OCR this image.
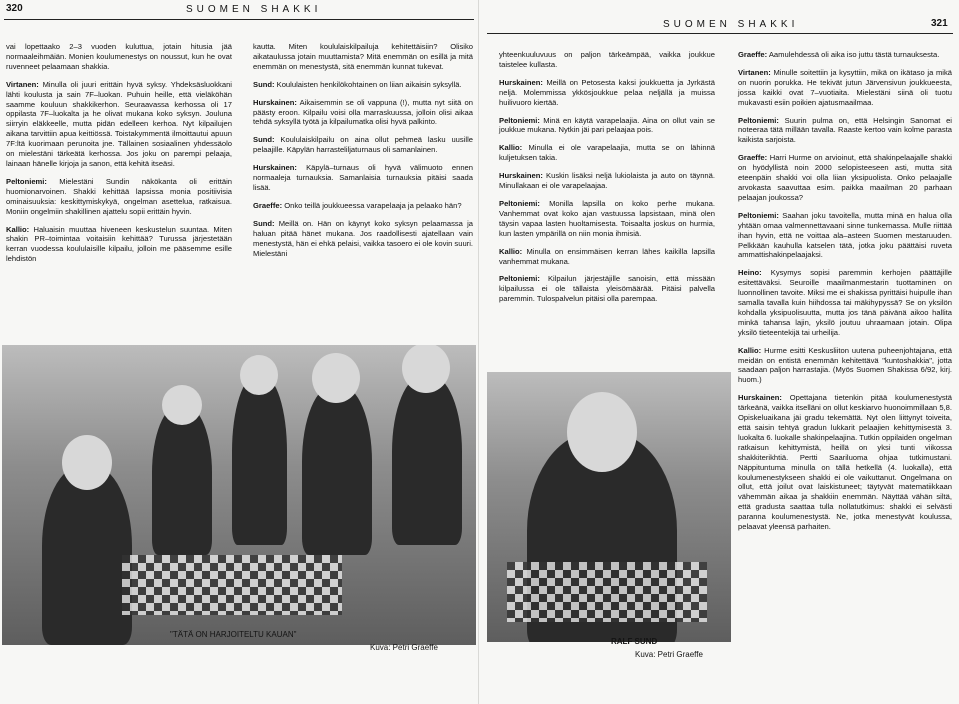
320	SUOMEN SHAKKI

vai lopettaako 2–3 vuoden kuluttua, jotain hitusia jää normaaleihmäiän. Monien koulumenestys on noussut, kun he ovat ruvenneet pelaamaan shakkia.

Virtanen: Minulla oli juuri erittäin hyvä syksy. Yhdeksäsluokkani lähti koulusta ja sain 7F–luokan. Puhuin heille, että vieläköhän saamme kouluun shakkikerhon. Seuraavassa kerhossa oli 17 oppilasta 7F–luokalta ja he olivat mukana koko syksyn. Jouluna siirryin eläkkeelle, mutta pidän edelleen kerhoa. Nyt kilpailujen aikana tarvittiin apua keittiössä. Toistakymmentä ilmoittautui apuun 7F:ltä kuorimaan perunoita jne. Tällainen sosiaalinen yhdessäolo on mielestäni tärkeätä kerhossa. Jos joku on parempi pelaaja, lainaan hänelle kirjoja ja sanon, että kehitä itseäsi.

Peltoniemi: Mielestäni Sundin näkökanta oli erittäin huomionarvoinen. Shakki kehittää lapsissa monia positiivisia ominaisuuksia: keskittymiskykyä, ongelman asettelua, ratkaisua. Moniin ongelmiin shakillinen ajattelu sopii erittäin hyvin.

Kallio: Haluaisin muuttaa hiveneen keskustelun suuntaa. Miten shakin PR–toimintaa voitaisiin kehittää? Turussa järjestetään kerran vuodessa koululaisille kilpailu, jolloin me pääsemme esille lehdistön

kautta. Miten koululaiskilpailuja kehitettäisiin? Olisiko aikataulussa jotain muuttamista? Mitä enemmän on esillä ja mitä enemmän on menestystä, sitä enemmän kunnat tukevat.

Sund: Koululaisten henkilökohtainen on liian aikaisin syksyllä.

Hurskainen: Aikaisemmin se oli vappuna (!), mutta nyt siitä on päästy eroon. Kilpailu voisi olla marraskuussa, jolloin olisi aikaa tehdä syksyllä työtä ja kilpailumatka olisi hyvä palkinto.

Sund: Koululaiskilpailu on aina ollut pehmeä lasku uusille pelaajille. Käpylän harrasteliljaturnaus oli samanlainen.

Hurskainen: Käpylä–turnaus oli hyvä välimuoto ennen normaaleja turnauksia. Samanlaisia turnauksia pitäisi saada lisää.

Graeffe: Onko teillä joukkueessa varapelaaja ja pelaako hän?

Sund: Meillä on. Hän on käynyt koko syksyn pelaamassa ja haluan pitää hänet mukana. Jos raadollisesti ajatellaan vain menestystä, hän ei ehkä pelaisi, vaikka tasoero ei ole kovin suuri. Mielestäni

"TÄTÄ ON HARJOITELTU KAUAN"
Kuva: Petri Graeffe
SUOMEN SHAKKI	321

yhteenkuuluvuus on paljon tärkeämpää, vaikka joukkue taistelee kullasta.

Hurskainen: Meillä on Petosesta kaksi joukkuetta ja Jyrkästä neljä. Molemmissa ykkösjoukkue pelaa neljällä ja muissa huilivuoro kiertää.

Peltoniemi: Minä en käytä varapelaajia. Aina on ollut vain se joukkue mukana. Nytkin jäi pari pelaajaa pois.

Kallio: Minulla ei ole varapelaajia, mutta se on lähinnä kuljetuksen takia.

Hurskainen: Kuskin lisäksi neljä lukiolaista ja auto on täynnä. Minullakaan ei ole varapelaajaa.

Peltoniemi: Monilla lapsilla on koko perhe mukana. Vanhemmat ovat koko ajan vastuussa lapsistaan, minä olen täysin vapaa lasten huoltamisesta. Toisaalta joskus on hurmia, kun lasten ympärillä on niin monia ihmisiä.

Kallio: Minulla on ensimmäisen kerran lähes kaikilla lapsilla vanhemmat mukana.

Peltoniemi: Kilpailun järjestäjille sanoisin, että missään kilpailussa ei ole tällaista yleisömäärää. Pitäisi palvella paremmin. Tulospalvelun pitäisi olla parempaa.

Graeffe: Aamulehdessä oli aika iso juttu tästä turnauksesta.

Virtanen: Minulle soitettiin ja kysyttiin, mikä on ikätaso ja mikä on nuorin porukka. He tekivät jutun Järvensivun joukkueesta, jossa kaikki ovat 7–vuotiaita. Mielestäni siinä oli tuotu mukavasti esiin poikien ajatusmaailmaa.

Peltoniemi: Suurin pulma on, että Helsingin Sanomat ei noteeraa tätä millään tavalla. Raaste kertoo vain kolme parasta kaikista sarjoista.

Graeffe: Harri Hurme on arvioinut, että shakinpelaajalle shakki on hyödyllistä noin 2000 selopisteeseen asti, mutta sitä eteenpäin shakki voi olla liian yksipuolista. Onko pelaajalle arvokasta saavuttaa esim. paikka maailman 20 parhaan pelaajan joukossa?

Peltoniemi: Saahan joku tavoitella, mutta minä en halua olla yhtään omaa valmennettavaani sinne tunkemassa. Mulle riittää ihan hyvin, että ne voittaa ala–asteen Suomen mestaruuden. Pelkkään kauhulla katselen tätä, jotka joku päättäisi ruveta ammattishakinpelaajaksi.

Heino: Kysymys sopisi paremmin kerhojen päättäjille esitettäväksi. Seuroille maailmanmestarin tuottaminen on luonnollinen tavoite. Miksi me ei shakissa pyrittäisi huipulle ihan samalla tavalla kuin hiihdossa tai mäkihypyssä? Se on yksilön kohdalla yksipuolisuutta, mutta jos tänä päivänä aikoo hallita minkä tahansa lajin, yksilö joutuu uhraamaan jotain. Olipa yksilö tieteentekijä tai urheilija.

Kallio: Hurme esitti Keskusliiton uutena puheenjohtajana, että meidän on entistä enemmän kehitettävä "kuntoshakkia", jotta saadaan paljon harrastajia. (Myös Suomen Shakissa 6/92, kirj. huom.)

Hurskainen: Opettajana tietenkin pitää koulumenestystä tärkeänä, vaikka itselläni on ollut keskiarvo huonoimmillaan 5,8. Opiskeluaikana jäi gradu tekemättä. Nyt olen liittynyt toiveita, että saisin tehtyä gradun lukkarit pelaajien kehittymisestä 3. luokalta 6. luokalle shakinpelaajina. Tutkin oppilaiden ongelman ratkaisun kehittymistä, heillä on yksi tunti viikossa shakkiterikhtiä. Pertti Saariluoma ohjaa tutkimustani. Näppituntuma minulla on tällä hetkellä (4. luokalla), että koulumenestykseen shakki ei ole vaikuttanut. Ongelmana on ollut, että joilut ovat laiskistuneet; täytyvät matematiikkaan vähemmän aikaa ja shakkiin enemmän. Näyttää vähän siltä, että gradusta saattaa tulla nollatutkimus: shakki ei selvästi paranna koulumenestystä. Ne, jotka menestyvät koulussa, pelaavat yleensä parhaiten.

RALF SUND
Kuva: Petri Graeffe
